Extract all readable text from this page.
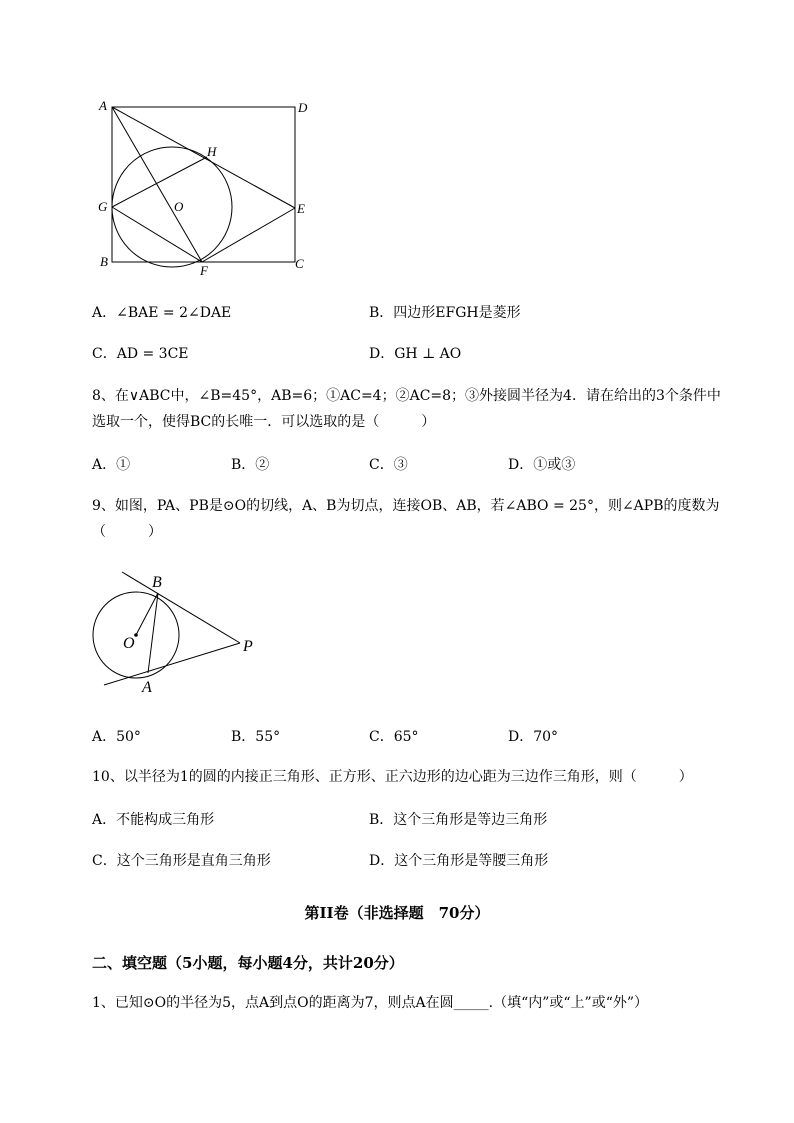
A	D
H
G	O	E
B
F	C
A．∠BAE = 2∠DAE	B．四边形EFGH是菱形
C．AD = 3CE	D．GH ⊥ AO
8、在∨ABC中，∠B=45°，AB=6；①AC=4；②AC=8；③外接圆半径为4．请在给出的3个条件中
选取一个，使得BC的长唯一．可以选取的是（　　　）
A．①	B．②	C．③	D．①或③
9、如图，PA、PB是⊙O的切线，A、B为切点，连接OB、AB，若∠ABO = 25°，则∠APB的度数为
（　　　）
B
O	P
A
A．50°	B．55°	C．65°	D．70°
10、以半径为1的圆的内接正三角形、正方形、正六边形的边心距为三边作三角形，则（　　　）
A．不能构成三角形	B．这个三角形是等边三角形
C．这个三角形是直角三角形	D．这个三角形是等腰三角形
第II卷（非选择题　70分）
二、填空题（5小题，每小题4分，共计20分）
1、已知⊙O的半径为5，点A到点O的距离为7，则点A在圆_____.（填“内”或“上”或“外”）
